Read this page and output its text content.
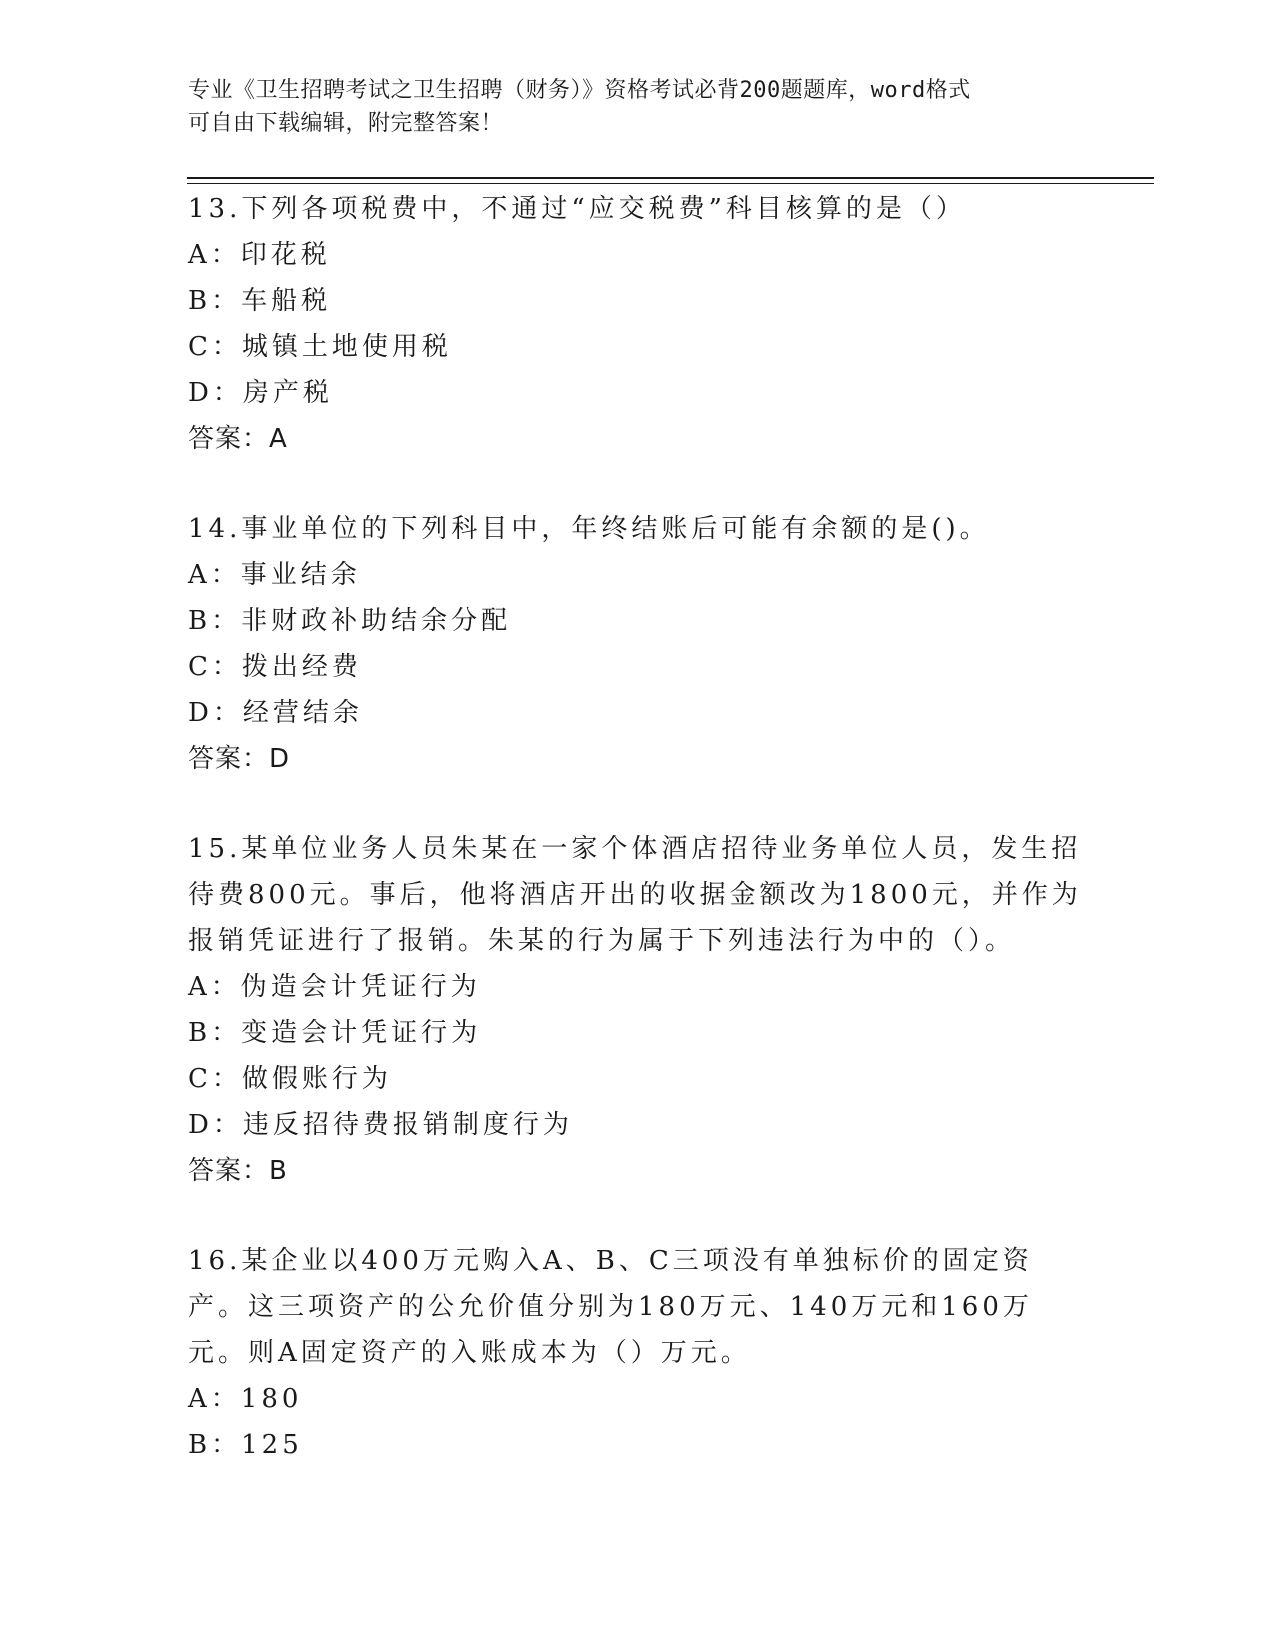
专业《卫生招聘考试之卫生招聘（财务）》资格考试必背200题题库，word格式
可自由下载编辑，附完整答案！

13.下列各项税费中，不通过“应交税费”科目核算的是（）

A：印花税

B：车船税

C：城镇土地使用税

D：房产税

答案：A

14.事业单位的下列科目中，年终结账后可能有余额的是()。

A：事业结余

B：非财政补助结余分配

C：拨出经费

D：经营结余

答案：D

15.某单位业务人员朱某在一家个体酒店招待业务单位人员，发生招待费800元。事后，他将酒店开出的收据金额改为1800元，并作为报销凭证进行了报销。朱某的行为属于下列违法行为中的（）。

A：伪造会计凭证行为

B：变造会计凭证行为

C：做假账行为

D：违反招待费报销制度行为

答案：B

16.某企业以400万元购入A、B、C三项没有单独标价的固定资产。这三项资产的公允价值分别为180万元、140万元和160万元。则A固定资产的入账成本为（）万元。

A：180

B：125
